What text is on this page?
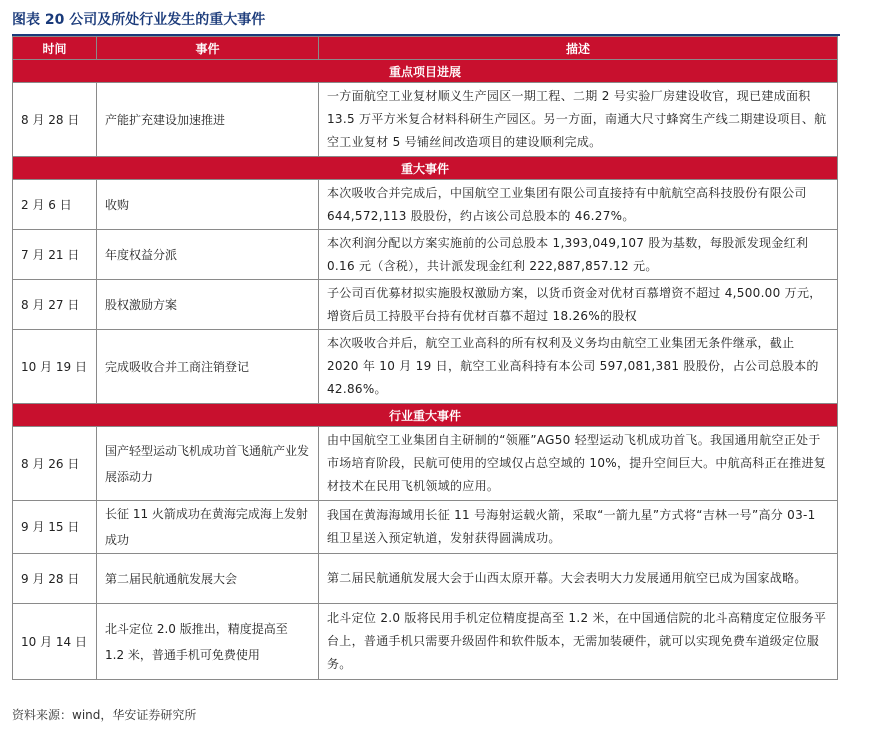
图表 20 公司及所处行业发生的重大事件
时间	事件	描述
重点项目进展		
8 月 28 日	产能扩充建设加速推进	一方面航空工业复材顺义生产园区一期工程、二期 2 号实验厂房建设收官，现已建成面积 13.5 万平方米复合材料科研生产园区。另一方面，南通大尺寸蜂窝生产线二期建设项目、航空工业复材 5 号铺丝间改造项目的建设顺利完成。
重大事件		
2 月 6 日	收购	本次吸收合并完成后，中国航空工业集团有限公司直接持有中航航空高科技股份有限公司 644,572,113 股股份，约占该公司总股本的 46.27%。
7 月 21 日	年度权益分派	本次利润分配以方案实施前的公司总股本 1,393,049,107 股为基数，每股派发现金红利 0.16 元（含税），共计派发现金红利 222,887,857.12 元。
8 月 27 日	股权激励方案	子公司百优募材拟实施股权激励方案，以货币资金对优材百慕增资不超过 4,500.00 万元，增资后员工持股平台持有优材百慕不超过 18.26%的股权
10 月 19 日	完成吸收合并工商注销登记	本次吸收合并后，航空工业高科的所有权利及义务均由航空工业集团无条件继承，截止 2020 年 10 月 19 日，航空工业高科持有本公司 597,081,381 股股份，占公司总股本的 42.86%。
行业重大事件		
8 月 26 日	国产轻型运动飞机成功首飞通航产业发展添动力	由中国航空工业集团自主研制的“领雁”AG50 轻型运动飞机成功首飞。我国通用航空正处于市场培育阶段，民航可使用的空域仅占总空域的 10%，提升空间巨大。中航高科正在推进复材技术在民用飞机领域的应用。
9 月 15 日	长征 11 火箭成功在黄海完成海上发射成功	我国在黄海海域用长征 11 号海射运载火箭，采取“一箭九星”方式将“吉林一号”高分 03-1 组卫星送入预定轨道，发射获得圆满成功。
9 月 28 日	第二届民航通航发展大会	第二届民航通航发展大会于山西太原开幕。大会表明大力发展通用航空已成为国家战略。
10 月 14 日	北斗定位 2.0 版推出，精度提高至 1.2 米，普通手机可免费使用	北斗定位 2.0 版将民用手机定位精度提高至 1.2 米，在中国通信院的北斗高精度定位服务平台上，普通手机只需要升级固件和软件版本，无需加装硬件，就可以实现免费车道级定位服务。
资料来源：wind，华安证券研究所
